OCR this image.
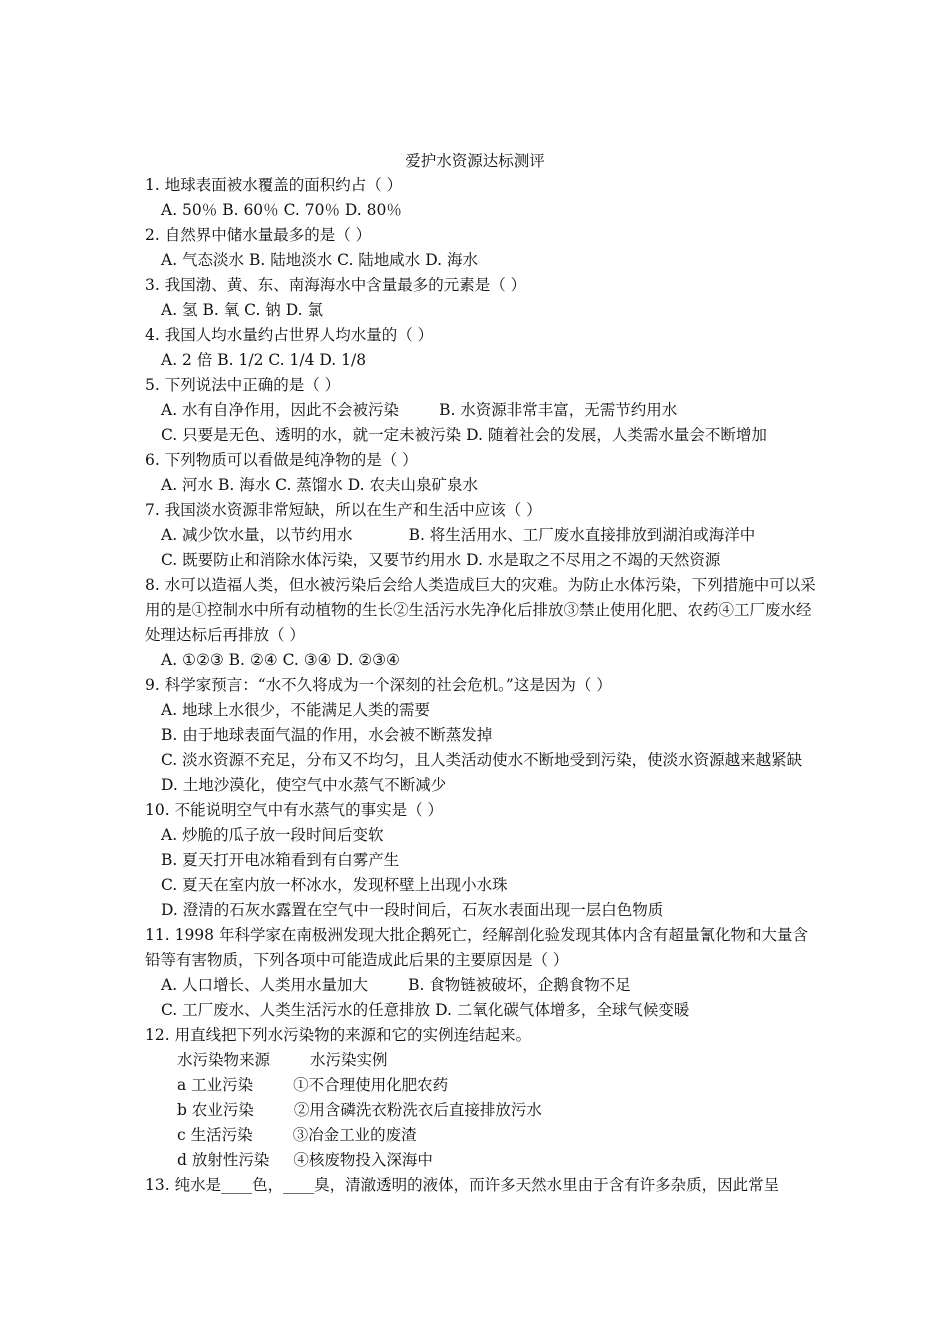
爱护水资源达标测评
1. 地球表面被水覆盖的面积约占（ ）
A. 50％ B. 60％ C. 70％ D. 80％
2. 自然界中储水量最多的是（ ）
A. 气态淡水 B. 陆地淡水 C. 陆地咸水 D. 海水
3. 我国渤、黄、东、南海海水中含量最多的元素是（ ）
A. 氢 B. 氧 C. 钠 D. 氯
4. 我国人均水量约占世界人均水量的（ ）
A. 2 倍 B. 1/2 C. 1/4 D. 1/8
5. 下列说法中正确的是（ ）
A. 水有自净作用，因此不会被污染	B. 水资源非常丰富，无需节约用水
C. 只要是无色、透明的水，就一定未被污染 D. 随着社会的发展，人类需水量会不断增加
6. 下列物质可以看做是纯净物的是（ ）
A. 河水 B. 海水 C. 蒸馏水 D. 农夫山泉矿泉水
7. 我国淡水资源非常短缺，所以在生产和生活中应该（ ）
A. 减少饮水量，以节约用水	B. 将生活用水、工厂废水直接排放到湖泊或海洋中
C. 既要防止和消除水体污染，又要节约用水 D. 水是取之不尽用之不竭的天然资源
8. 水可以造福人类，但水被污染后会给人类造成巨大的灾难。为防止水体污染，下列措施中可以采用的是①控制水中所有动植物的生长②生活污水先净化后排放③禁止使用化肥、农药④工厂废水经处理达标后再排放（ ）
A. ①②③ B. ②④ C. ③④ D. ②③④
9. 科学家预言：“水不久将成为一个深刻的社会危机。”这是因为（ ）
A. 地球上水很少，不能满足人类的需要
B. 由于地球表面气温的作用，水会被不断蒸发掉
C. 淡水资源不充足，分布又不均匀，且人类活动使水不断地受到污染，使淡水资源越来越紧缺
D. 土地沙漠化，使空气中水蒸气不断减少
10. 不能说明空气中有水蒸气的事实是（ ）
A. 炒脆的瓜子放一段时间后变软
B. 夏天打开电冰箱看到有白雾产生
C. 夏天在室内放一杯冰水，发现杯壁上出现小水珠
D. 澄清的石灰水露置在空气中一段时间后，石灰水表面出现一层白色物质
11. 1998 年科学家在南极洲发现大批企鹅死亡，经解剖化验发现其体内含有超量氰化物和大量含铅等有害物质，下列各项中可能造成此后果的主要原因是（ ）
A. 人口增长、人类用水量加大	B. 食物链被破坏，企鹅食物不足
C. 工厂废水、人类生活污水的任意排放 D. 二氧化碳气体增多，全球气候变暖
12. 用直线把下列水污染物的来源和它的实例连结起来。
水污染物来源	水污染实例
a 工业污染	①不合理使用化肥农药
b 农业污染	②用含磷洗衣粉洗衣后直接排放污水
c 生活污染	③冶金工业的废渣
d 放射性污染 ④核废物投入深海中
13. 纯水是____色，____臭，清澈透明的液体，而许多天然水里由于含有许多杂质，因此常呈
